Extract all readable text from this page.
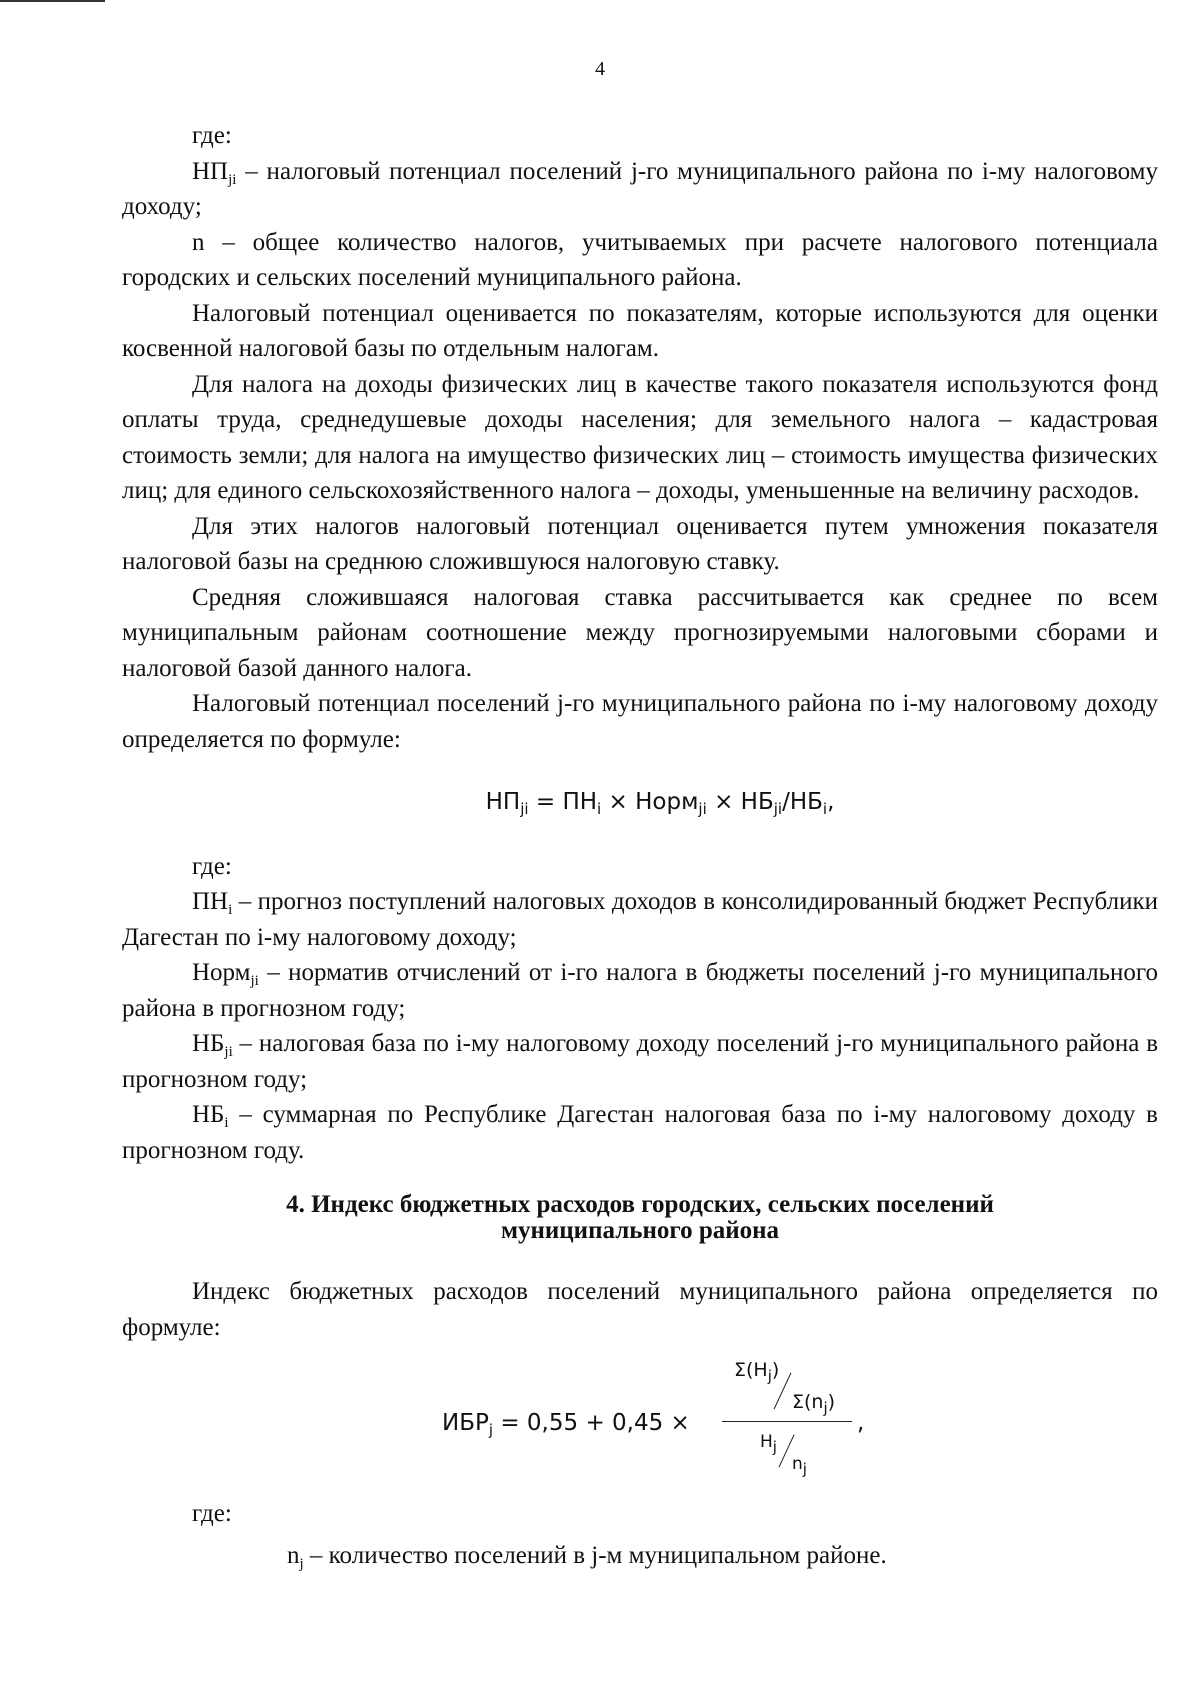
4

где:

$НП_{ji}$ – налоговый потенциал поселений j-го муниципального района по i-му налоговому доходу;

n – общее количество налогов, учитываемых при расчете налогового потенциала городских и сельских поселений муниципального района.

Налоговый потенциал оценивается по показателям, которые используются для оценки косвенной налоговой базы по отдельным налогам.

Для налога на доходы физических лиц в качестве такого показателя используются фонд оплаты труда, среднедушевые доходы населения; для земельного налога – кадастровая стоимость земли; для налога на имущество физических лиц – стоимость имущества физических лиц; для единого сельскохозяйственного налога – доходы, уменьшенные на величину расходов.

Для этих налогов налоговый потенциал оценивается путем умножения показателя налоговой базы на среднюю сложившуюся налоговую ставку.

Средняя сложившаяся налоговая ставка рассчитывается как среднее по всем муниципальным районам соотношение между прогнозируемыми налоговыми сборами и налоговой базой данного налога.

Налоговый потенциал поселений j-го муниципального района по i-му налоговому доходу определяется по формуле:

$НП_{ji} = ПН_i$ × Норм$_{ji}$ × $НБ_{ji}/НБ_i$,

где:

$ПН_i$ – прогноз поступлений налоговых доходов в консолидированный бюджет Республики Дагестан по i-му налоговому доходу;

Норм$_{ji}$ – норматив отчислений от i-го налога в бюджеты поселений j-го муниципального района в прогнозном году;

$НБ_{ji}$ – налоговая база по i-му налоговому доходу поселений j-го муниципального района в прогнозном году;

$НБ_i$ – суммарная по Республике Дагестан налоговая база по i-му налоговому доходу в прогнозном году.

4. Индекс бюджетных расходов городских, сельских поселений
муниципального района

Индекс бюджетных расходов поселений муниципального района определяется по формуле:

$ИБР_j = 0,55 + 0,45$ ×
$\Sigma(H_j)$
$\Sigma(n_j)$
$H_j$
$n_j$
,

где:

$n_j$ – количество поселений в j-м муниципальном районе.
